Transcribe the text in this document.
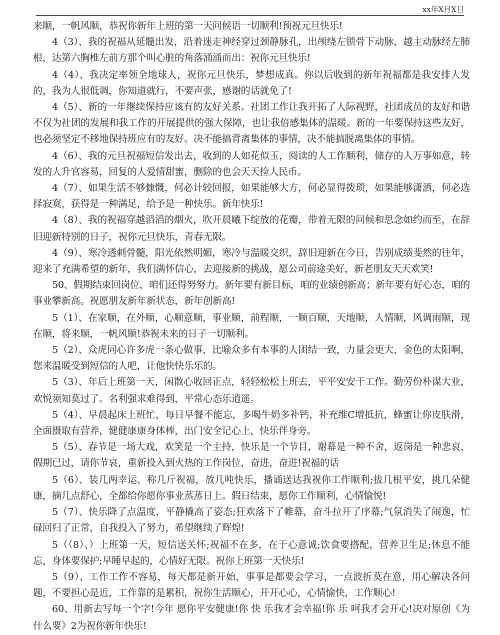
xx年X月X日

来顺，一帆风顺，恭祝你新年上班的第一天问候语一切顺利!预祝元旦快乐!

4（3）、我的祝福从延髓出发，沿着迷走神经穿过颈静脉孔，出颅绕左锁骨下动脉，越主动脉经左肺根，达第六胸椎左前方那个叫心脏的角落涌涌而出：祝你元旦快乐!

4（4）、我决定率领全地球人，祝你元旦快乐，梦想成真。你以后收到的新年祝福都是我安排人发的，我为人很低调，你知道就行，不要声张，感谢的话就免了!

4（5）、新的一年继续保持应该有的友好关系。社团工作让我开拓了人际视野，社团成员的友好和谐不仅为社团的发展和我工作的开展提供的强大保障，也让我倍感集体的温暖。新的一年要保持这些友好，也必须坚定不移地保持班应有的友好。决不能搞背离集体的事情，决不能搞脱离集体的事情。

4（6）、我的元旦祝福短信发出去，收到的人如花似玉，阅读的人工作顺利，储存的人万事如意，转发的人升官容易，回复的人爱情甜蜜，删除的也会天天捡人民币。

4（7）、如果生活不够慷慨，何必计较回报，如果能够大方，何必显得拨琐，如果能够潇洒，何必选择寂寞，获得是一种满足，给予是一种快乐。新年快乐!

4（8）、我的祝福穿越滔滔的烟火，吹开晨曦下绽放的花瓣，带着无限的问候和思念如约而至，在辞旧迎新特别的日子，祝你元旦快乐，青春无限。

4（9）、寒冷透刺骨髓，阳光依然明媚，寒冷与温暖交织，辞旧迎新在今日，告别成绩斐然的往年，迎来了充满希望的新年，我们满怀信心，去迎接新的挑战，愿公司前途美好，新老朋友天天欢笑!

50、假期结束回岗位，咱们还得努努力。新年要有新目标，咱的业绩创新高；新年要有好心态，咱的事业攀新高。祝愿朋友新年新状态，新年创新高!

5（1）、在家顺，在外顺，心顺意顺，事业顺，前程顺，一顺百顺，天地顺，人情顺，风调雨顺，现在顺，将来顺，一帆风顺!恭祝未来的日子一切顺利。

5（2）、众虎同心许多虎一条心做事，比喻众多有本事的人团结一致，力量会更大，金色的太阳啊，您来温暖受到短信的人吧，让他快快乐乐的。

5（3）、年后上班第一天，闲散心收回正点，轻轻松松上班去，平平安安干工作。勤劳份朴谋大业，欢悦须知莫过了。名利强求难得到，平常心态乐逍遥。

5（4）、早晨起床上班忙，每日早餐不能忘，多喝牛奶多补钙，补充维C增抵抗，蜂蜜让你皮肤滑，全面摄取有营养，健健康康身体棒，出门安全记心上，快乐伴身旁。

5（5）、春节是一场大戏，欢笑是一个主持，快乐是一个节目，谢幕是一种不舍，返岗是一种悲哀，假期已过，请你节哀，重新投入到火热的工作岗位，奋进，奋进!祝福的话

5（6）、装几两幸运，称几斤祝福，放几吨快乐，播诵送达我祝你工作顺利;拔几根平安，挑几朵健康，摘几点舒心，全都给你愿你事业蒸蒸日上。假日结束，愿你工作顺利，心情愉悦!

5（7）、快乐降了点温度，平静撬高了姿态;狂欢落下了帷幕，奋斗拉开了序幕;气氛消失了闹逸，忙碌回归了正常，自我投入了努力，希望继续了辉煌!

5（（8）、）上班第一天，短信送关怀;祝福不在多，在于心意诚;饮食要搭配，营养卫生足;休息不能忘，身体要保护;早睡早起的，心情好无限。祝你上班第一天快乐!

5（9）、工作工作不容易，每天都是新开始，事事是都要会学习，一点波折莫在意，用心解决各问题，不要担心是近，工作靠的是累积，祝你生活顺心，开开心心，心情愉快，工作顺心!

60、用新去写每一个字!今年 愿你平安健康!你 快 乐我才会幸福!你 乐 呵我才会开心!决对原创《为什么要》2为祝你新年快乐!
